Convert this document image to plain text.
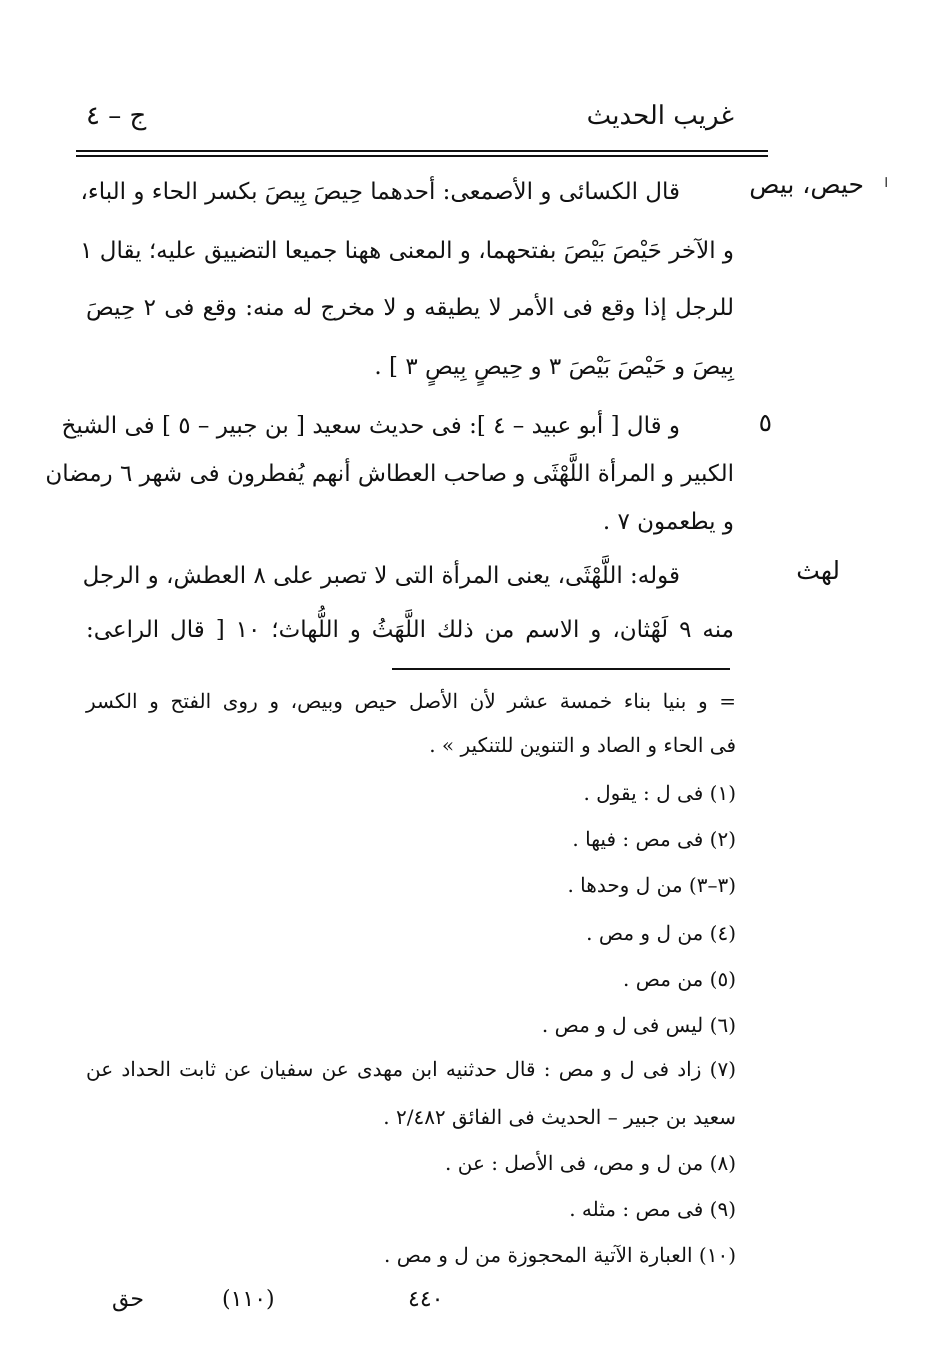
غريب الحديث
ج – ٤
ا
حيص، بيص
٥
لهث
قال الكسائى و الأصمعى: أحدهما حِيصَ بِيصَ بكسر الحاء و الباء،
و الآخر حَيْصَ بَيْصَ بفتحهما، و المعنى ههنا جميعا التضييق عليه؛ يقال ١
للرجل إذا وقع فى الأمر لا يطيقه و لا مخرج له منه: وقع فى ٢ حِيصَ
بِيصَ و حَيْصَ بَيْصَ ٣ و حِيصٍ بِيصٍ ٣ ] .
و قال [ أبو عبيد – ٤ ]: فى حديث سعيد [ بن جبير – ٥ ] فى الشيخ
الكبير و المرأة اللَّهْثَى و صاحب العطاش أنهم يُفطرون فى شهر ٦ رمضان
و يطعمون ٧ .
قوله: اللَّهْثَى، يعنى المرأة التى لا تصبر على ٨ العطش، و الرجل
منه ٩ لَهْثان، و الاسم من ذلك اللَّهَثُ و اللُّهاث؛ ١٠ [ قال الراعى:
= و بنيا بناء خمسة عشر لأن الأصل حيص وبيص، و روى الفتح و الكسر
فى الحاء و الصاد و التنوين للتنكير » .
(١) فى ل : يقول .
(٢) فى مص : فيها .
(٣–٣) من ل وحدها .
(٤) من ل و مص .
(٥) من مص .
(٦) ليس فى ل و مص .
(٧) زاد فى ل و مص : قال حدثنيه ابن مهدى عن سفيان عن ثابت الحداد عن
سعيد بن جبير – الحديث فى الفائق ٢/٤٨٢ .
(٨) من ل و مص، فى الأصل : عن .
(٩) فى مص : مثله .
(١٠) العبارة الآتية المحجوزة من ل و مص .
٤٤٠
(١١٠)
حق
